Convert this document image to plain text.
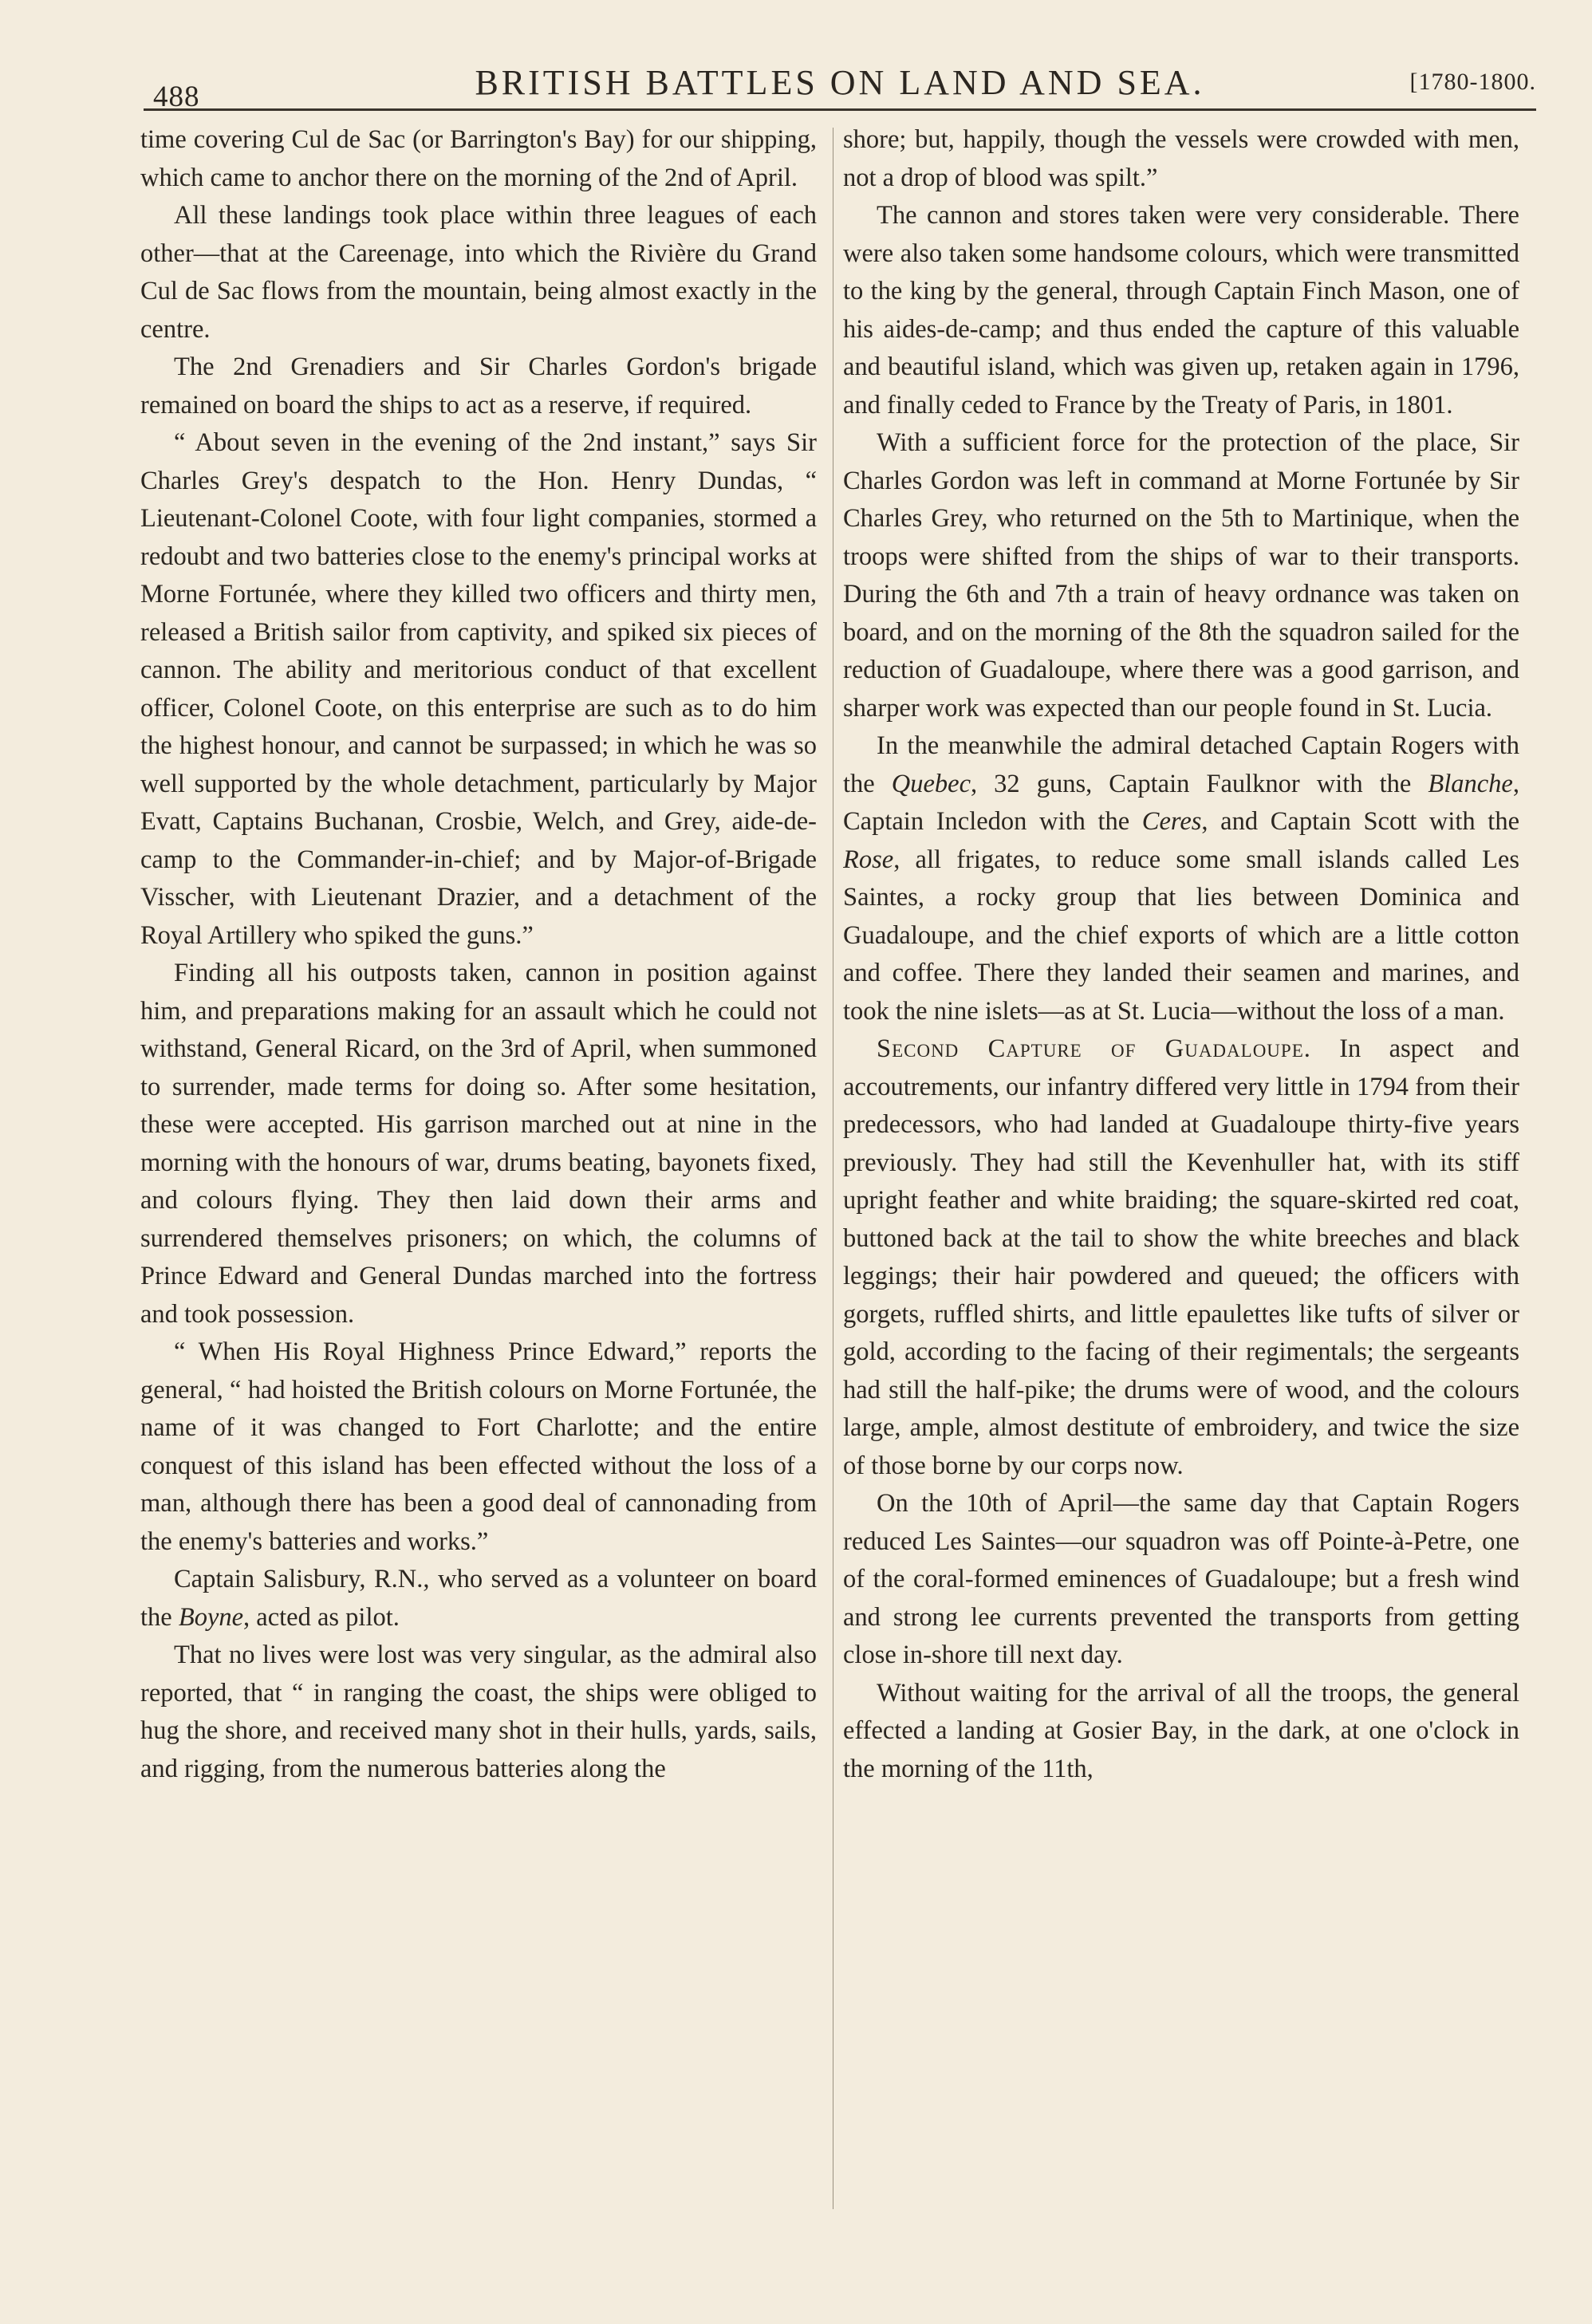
488	BRITISH BATTLES ON LAND AND SEA.	[1780-1800.

time covering Cul de Sac (or Barrington's Bay) for our shipping, which came to anchor there on the morning of the 2nd of April.

All these landings took place within three leagues of each other—that at the Careenage, into which the Rivière du Grand Cul de Sac flows from the mountain, being almost exactly in the centre.

The 2nd Grenadiers and Sir Charles Gordon's brigade remained on board the ships to act as a reserve, if required.

“ About seven in the evening of the 2nd instant,” says Sir Charles Grey's despatch to the Hon. Henry Dundas, “ Lieutenant-Colonel Coote, with four light companies, stormed a redoubt and two batteries close to the enemy's principal works at Morne Fortunée, where they killed two officers and thirty men, released a British sailor from captivity, and spiked six pieces of cannon. The ability and meritorious conduct of that excellent officer, Colonel Coote, on this enterprise are such as to do him the highest honour, and cannot be surpassed; in which he was so well supported by the whole detachment, particularly by Major Evatt, Captains Buchanan, Crosbie, Welch, and Grey, aide-de-camp to the Commander-in-chief; and by Major-of-Brigade Visscher, with Lieutenant Drazier, and a detachment of the Royal Artillery who spiked the guns.”

Finding all his outposts taken, cannon in position against him, and preparations making for an assault which he could not withstand, General Ricard, on the 3rd of April, when summoned to surrender, made terms for doing so. After some hesitation, these were accepted. His garrison marched out at nine in the morning with the honours of war, drums beating, bayonets fixed, and colours flying. They then laid down their arms and surrendered themselves prisoners; on which, the columns of Prince Edward and General Dundas marched into the fortress and took possession.

“ When His Royal Highness Prince Edward,” reports the general, “ had hoisted the British colours on Morne Fortunée, the name of it was changed to Fort Charlotte; and the entire conquest of this island has been effected without the loss of a man, although there has been a good deal of cannonading from the enemy's batteries and works.”

Captain Salisbury, R.N., who served as a volunteer on board the Boyne, acted as pilot.

That no lives were lost was very singular, as the admiral also reported, that “ in ranging the coast, the ships were obliged to hug the shore, and received many shot in their hulls, yards, sails, and rigging, from the numerous batteries along the

shore; but, happily, though the vessels were crowded with men, not a drop of blood was spilt.”

The cannon and stores taken were very considerable. There were also taken some handsome colours, which were transmitted to the king by the general, through Captain Finch Mason, one of his aides-de-camp; and thus ended the capture of this valuable and beautiful island, which was given up, retaken again in 1796, and finally ceded to France by the Treaty of Paris, in 1801.

With a sufficient force for the protection of the place, Sir Charles Gordon was left in command at Morne Fortunée by Sir Charles Grey, who returned on the 5th to Martinique, when the troops were shifted from the ships of war to their transports. During the 6th and 7th a train of heavy ordnance was taken on board, and on the morning of the 8th the squadron sailed for the reduction of Guadaloupe, where there was a good garrison, and sharper work was expected than our people found in St. Lucia.

In the meanwhile the admiral detached Captain Rogers with the Quebec, 32 guns, Captain Faulknor with the Blanche, Captain Incledon with the Ceres, and Captain Scott with the Rose, all frigates, to reduce some small islands called Les Saintes, a rocky group that lies between Dominica and Guadaloupe, and the chief exports of which are a little cotton and coffee. There they landed their seamen and marines, and took the nine islets—as at St. Lucia—without the loss of a man.

Second Capture of Guadaloupe. In aspect and accoutrements, our infantry differed very little in 1794 from their predecessors, who had landed at Guadaloupe thirty-five years previously. They had still the Kevenhuller hat, with its stiff upright feather and white braiding; the square-skirted red coat, buttoned back at the tail to show the white breeches and black leggings; their hair powdered and queued; the officers with gorgets, ruffled shirts, and little epaulettes like tufts of silver or gold, according to the facing of their regimentals; the sergeants had still the half-pike; the drums were of wood, and the colours large, ample, almost destitute of embroidery, and twice the size of those borne by our corps now.

On the 10th of April—the same day that Captain Rogers reduced Les Saintes—our squadron was off Pointe-à-Petre, one of the coral-formed eminences of Guadaloupe; but a fresh wind and strong lee currents prevented the transports from getting close in-shore till next day.

Without waiting for the arrival of all the troops, the general effected a landing at Gosier Bay, in the dark, at one o'clock in the morning of the 11th,
